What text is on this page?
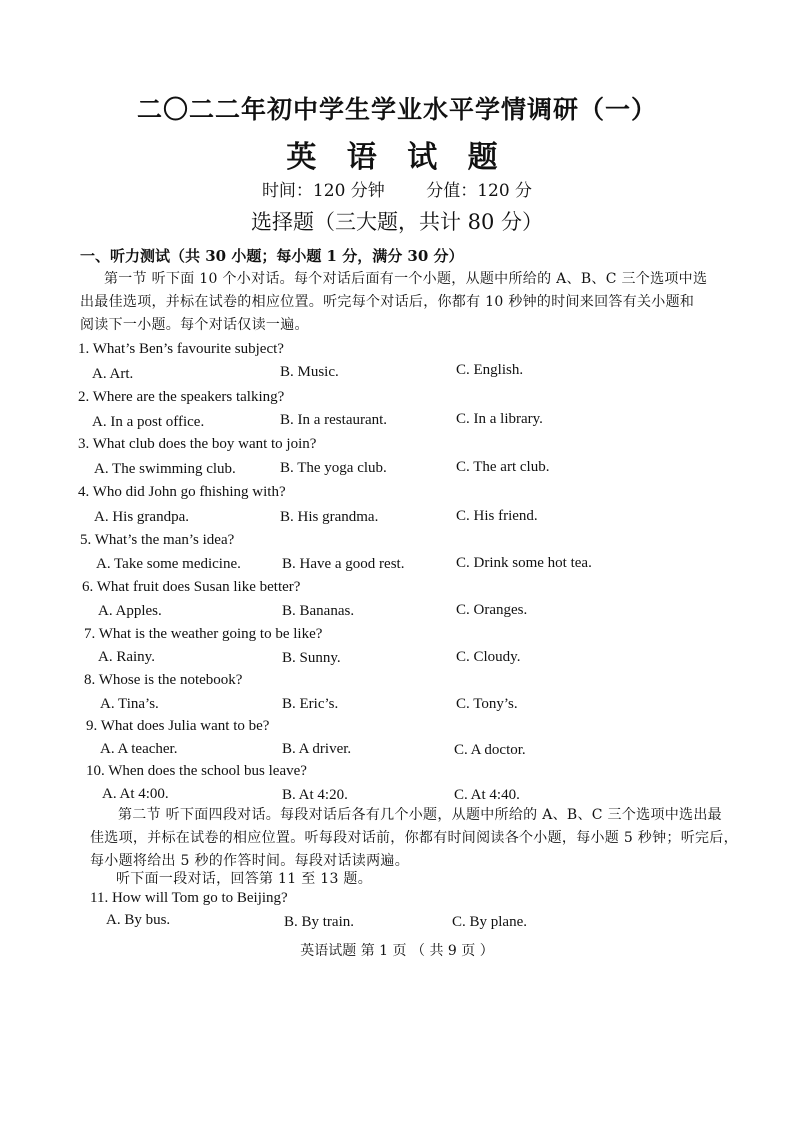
二〇二二年初中学生学业水平学情调研（一）
英 语 试 题
时间：120 分钟 分值：120 分
选择题（三大题，共计 80 分）
一、听力测试（共 30 小题；每小题 1 分，满分 30 分）
第一节 听下面 10 个小对话。每个对话后面有一个小题，从题中所给的 A、B、C 三个选项中选
出最佳选项，并标在试卷的相应位置。听完每个对话后，你都有 10 秒钟的时间来回答有关小题和
阅读下一小题。每个对话仅读一遍。
1. What’s Ben’s favourite subject?
A. Art.	B. Music.	C. English.
2. Where are the speakers talking?
A. In a post office.	B. In a restaurant.	C. In a library.
3. What club does the boy want to join?
A. The swimming club.	B. The yoga club.	C. The art club.
4. Who did John go fhishing with?
A. His grandpa.	B. His grandma.	C. His friend.
5. What’s the man’s idea?
A. Take some medicine.	B. Have a good rest.	C. Drink some hot tea.
6. What fruit does Susan like better?
A. Apples.	B. Bananas.	C. Oranges.
7. What is the weather going to be like?
A. Rainy.	B. Sunny.	C. Cloudy.
8. Whose is the notebook?
A. Tina’s.	B. Eric’s.	C. Tony’s.
9. What does Julia want to be?
A. A teacher.	B. A driver.	C. A doctor.
10. When does the school bus leave?
A. At 4:00.	B. At 4:20.	C. At 4:40.
第二节 听下面四段对话。每段对话后各有几个小题，从题中所给的 A、B、C 三个选项中选出最
佳选项，并标在试卷的相应位置。听每段对话前，你都有时间阅读各个小题，每小题 5 秒钟；听完后，
每小题将给出 5 秒的作答时间。每段对话读两遍。
听下面一段对话，回答第 11 至 13 题。
11. How will Tom go to Beijing?
A. By bus.	B. By train.	C. By plane.
英语试题 第 1 页 （ 共 9 页 ）
